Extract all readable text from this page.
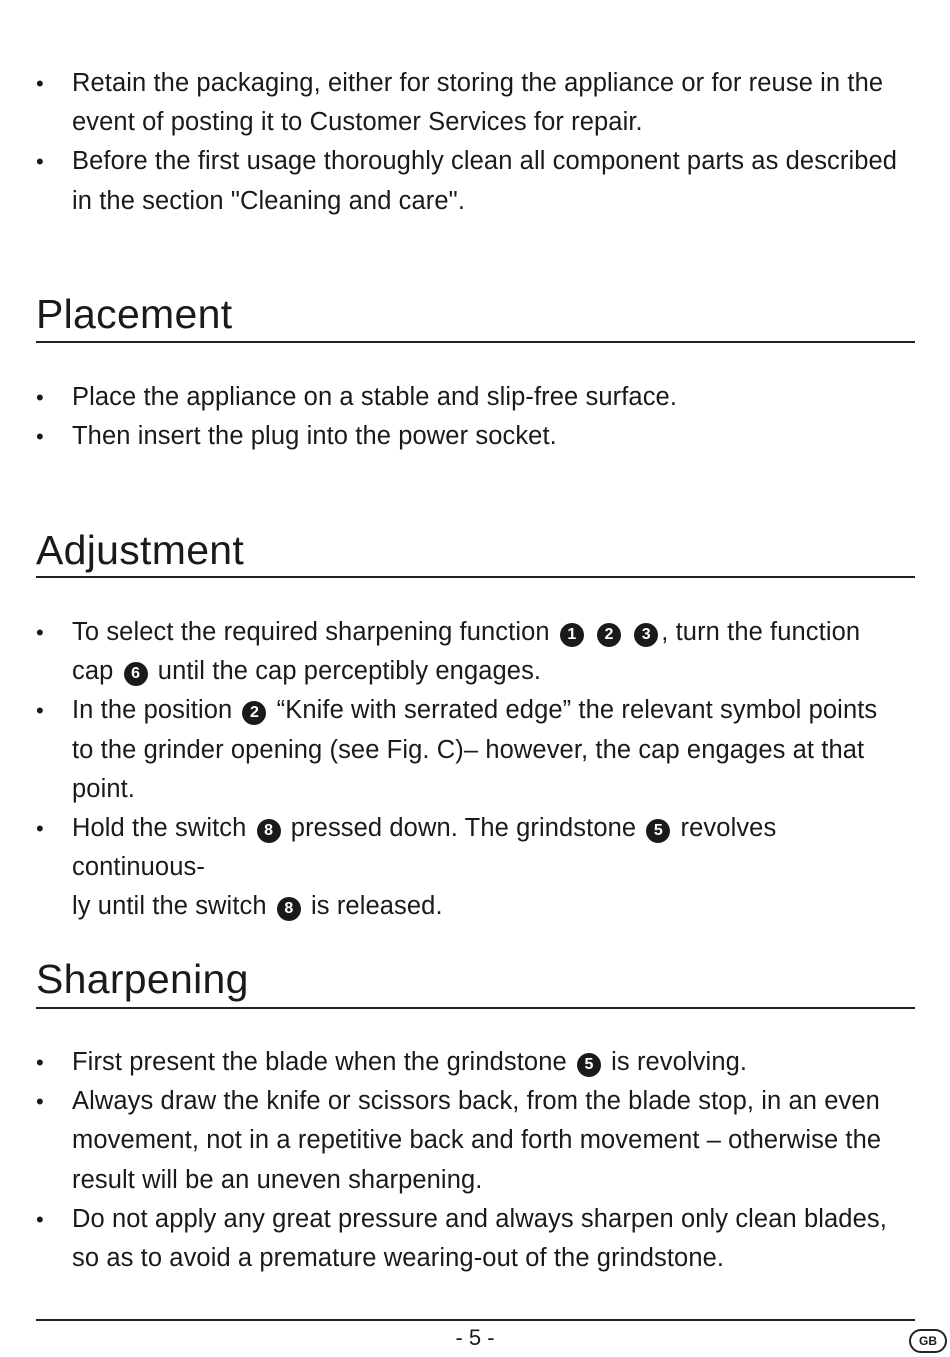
• Retain the packaging, either for storing the appliance or for reuse in the
event of posting it to Customer Services for repair.
• Before the first usage thoroughly clean all component parts as described
in the section "Cleaning and care".
Placement
• Place the appliance on a stable and slip-free surface.
• Then insert the plug into the power socket.
Adjustment
• To select the required sharpening function 1 2 3 , turn the function
cap 6 until the cap perceptibly engages.
• In the position 2 “Knife with serrated edge” the relevant symbol points
to the grinder opening (see Fig. C)– however, the cap engages at that
point.
• Hold the switch 8 pressed down. The grindstone 5 revolves continuous-
ly until the switch 8 is released.
Sharpening
• First present the blade when the grindstone 5 is revolving.
• Always draw the knife or scissors back, from the blade stop, in an even
movement, not in a repetitive back and forth movement – otherwise the
result will be an uneven sharpening.
• Do not apply any great pressure and always sharpen only clean blades,
so as to avoid a premature wearing-out of the grindstone.
- 5 -	GB
